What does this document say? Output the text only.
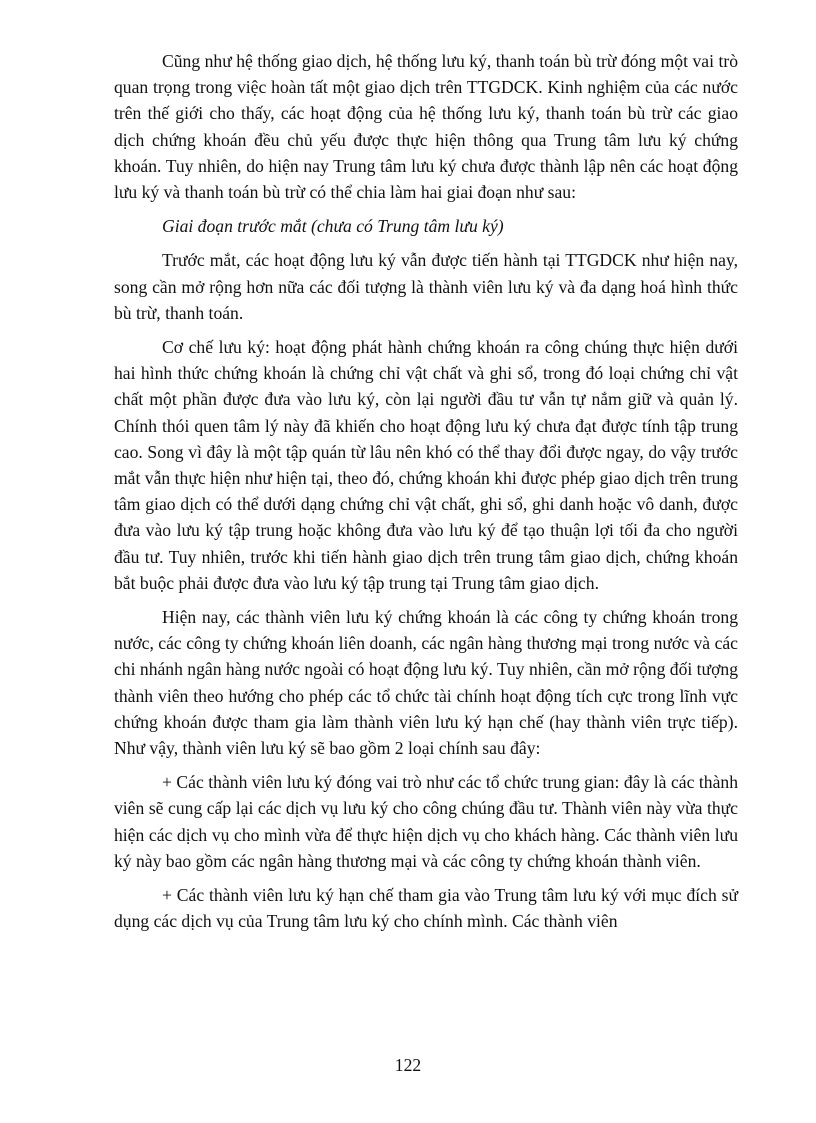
Cũng như hệ thống giao dịch, hệ thống lưu ký, thanh toán bù trừ đóng một vai trò quan trọng trong việc hoàn tất một giao dịch trên TTGDCK. Kinh nghiệm của các nước trên thế giới cho thấy, các hoạt động của hệ thống lưu ký, thanh toán bù trừ các giao dịch chứng khoán đều chủ yếu được thực hiện thông qua Trung tâm lưu ký chứng khoán. Tuy nhiên, do hiện nay Trung tâm lưu ký chưa được thành lập nên các hoạt động lưu ký và thanh toán bù trừ có thể chia làm hai giai đoạn như sau:

Giai đoạn trước mắt (chưa có Trung tâm lưu ký)

Trước mắt, các hoạt động lưu ký vẫn được tiến hành tại TTGDCK như hiện nay, song cần mở rộng hơn nữa các đối tượng là thành viên lưu ký và đa dạng hoá hình thức bù trừ, thanh toán.

Cơ chế lưu ký: hoạt động phát hành chứng khoán ra công chúng thực hiện dưới hai hình thức chứng khoán là chứng chỉ vật chất và ghi sổ, trong đó loại chứng chỉ vật chất một phần được đưa vào lưu ký, còn lại người đầu tư vẫn tự nắm giữ và quản lý. Chính thói quen tâm lý này đã khiến cho hoạt động lưu ký chưa đạt được tính tập trung cao. Song vì đây là một tập quán từ lâu nên khó có thể thay đổi được ngay, do vậy trước mắt vẫn thực hiện như hiện tại, theo đó, chứng khoán khi được phép giao dịch trên trung tâm giao dịch có thể dưới dạng chứng chỉ vật chất, ghi sổ, ghi danh hoặc vô danh, được đưa vào lưu ký tập trung hoặc không đưa vào lưu ký để tạo thuận lợi tối đa cho người đầu tư. Tuy nhiên, trước khi tiến hành giao dịch trên trung tâm giao dịch, chứng khoán bắt buộc phải được đưa vào lưu ký tập trung tại Trung tâm giao dịch.

Hiện nay, các thành viên lưu ký chứng khoán là các công ty chứng khoán trong nước, các công ty chứng khoán liên doanh, các ngân hàng thương mại trong nước và các chi nhánh ngân hàng nước ngoài có hoạt động lưu ký. Tuy nhiên, cần mở rộng đối tượng thành viên theo hướng cho phép các tổ chức tài chính hoạt động tích cực trong lĩnh vực chứng khoán được tham gia làm thành viên lưu ký hạn chế (hay thành viên trực tiếp). Như vậy, thành viên lưu ký sẽ bao gồm 2 loại chính sau đây:

+ Các thành viên lưu ký đóng vai trò như các tổ chức trung gian: đây là các thành viên sẽ cung cấp lại các dịch vụ lưu ký cho công chúng đầu tư. Thành viên này vừa thực hiện các dịch vụ cho mình vừa để thực hiện dịch vụ cho khách hàng. Các thành viên lưu ký này bao gồm các ngân hàng thương mại và các công ty chứng khoán thành viên.

+ Các thành viên lưu ký hạn chế tham gia vào Trung tâm lưu ký với mục đích sử dụng các dịch vụ của Trung tâm lưu ký cho chính mình. Các thành viên

122
